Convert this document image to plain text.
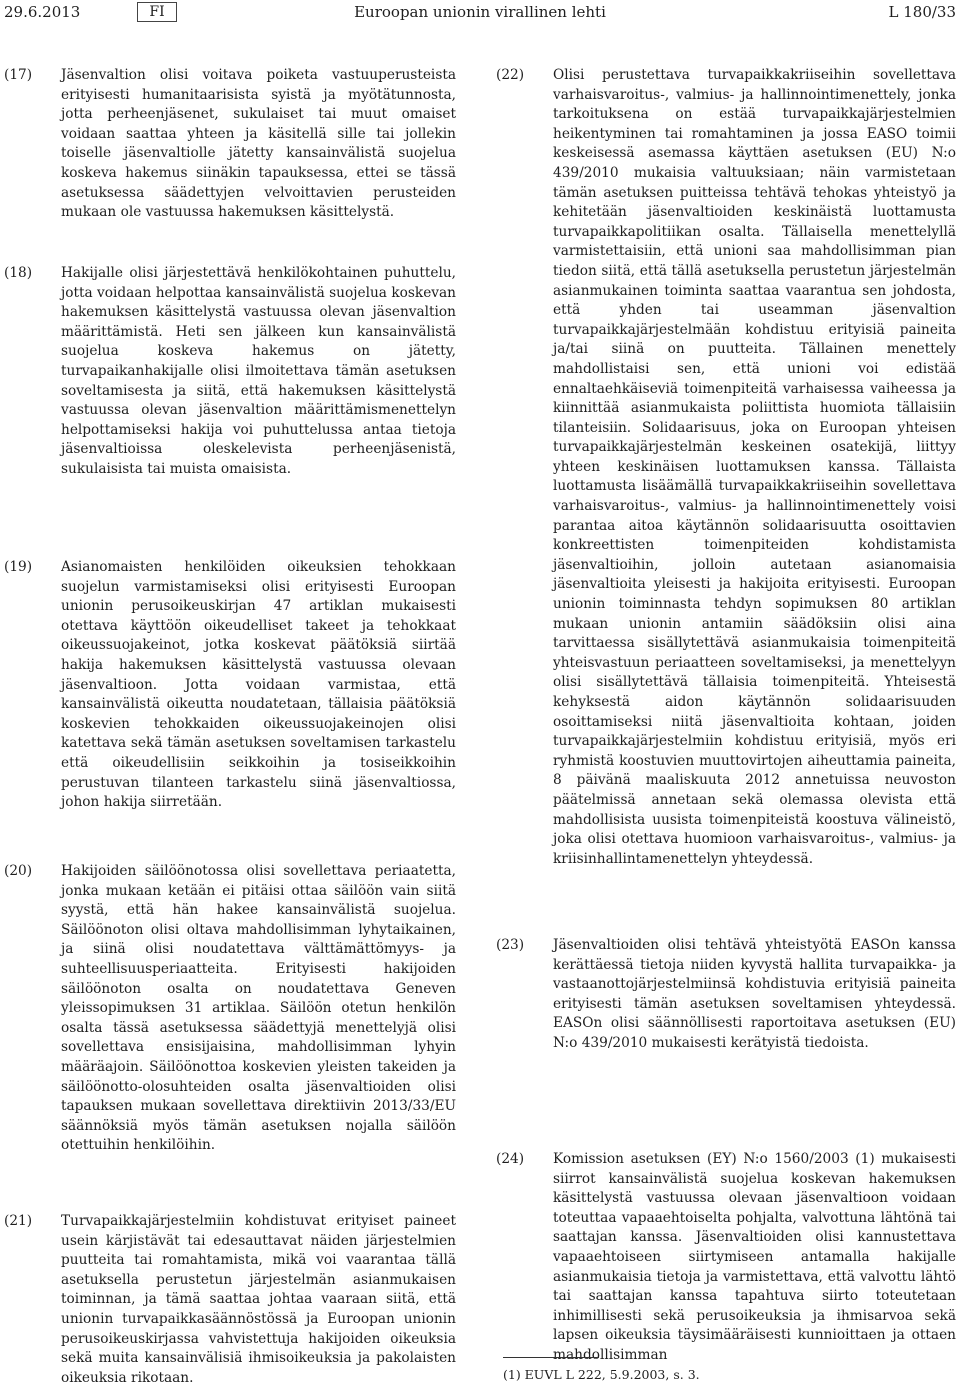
29.6.2013	FI	Euroopan unionin virallinen lehti	L 180/33
(17) Jäsenvaltion olisi voitava poiketa vastuuperusteista erityisesti humanitaarisista syistä ja myötätunnosta, jotta perheenjäsenet, sukulaiset tai muut omaiset voidaan saattaa yhteen ja käsitellä sille tai jollekin toiselle jäsenvaltiolle jätetty kansainvälistä suojelua koskeva hakemus siinäkin tapauksessa, ettei se tässä asetuksessa säädettyjen velvoittavien perusteiden mukaan ole vastuussa hakemuksen käsittelystä.
(18) Hakijalle olisi järjestettävä henkilökohtainen puhuttelu, jotta voidaan helpottaa kansainvälistä suojelua koskevan hakemuksen käsittelystä vastuussa olevan jäsenvaltion määrittämistä. Heti sen jälkeen kun kansainvälistä suojelua koskeva hakemus on jätetty, turvapaikanhakijalle olisi ilmoitettava tämän asetuksen soveltamisesta ja siitä, että hakemuksen käsittelystä vastuussa olevan jäsenvaltion määrittämismenettelyn helpottamiseksi hakija voi puhuttelussa antaa tietoja jäsenvaltioissa oleskelevista perheenjäsenistä, sukulaisista tai muista omaisista.
(19) Asianomaisten henkilöiden oikeuksien tehokkaan suojelun varmistamiseksi olisi erityisesti Euroopan unionin perusoikeuskirjan 47 artiklan mukaisesti otettava käyttöön oikeudelliset takeet ja tehokkaat oikeussuojakeinot, jotka koskevat päätöksiä siirtää hakija hakemuksen käsittelystä vastuussa olevaan jäsenvaltioon. Jotta voidaan varmistaa, että kansainvälistä oikeutta noudatetaan, tällaisia päätöksiä koskevien tehokkaiden oikeussuojakeinojen olisi katettava sekä tämän asetuksen soveltamisen tarkastelu että oikeudellisiin seikkoihin ja tosiseikkoihin perustuvan tilanteen tarkastelu siinä jäsenvaltiossa, johon hakija siirretään.
(20) Hakijoiden säilöönotossa olisi sovellettava periaatetta, jonka mukaan ketään ei pitäisi ottaa säilöön vain siitä syystä, että hän hakee kansainvälistä suojelua. Säilöönoton olisi oltava mahdollisimman lyhytaikainen, ja siinä olisi noudatettava välttämättömyys- ja suhteellisuusperiaatteita. Erityisesti hakijoiden säilöönoton osalta on noudatettava Geneven yleissopimuksen 31 artiklaa. Säilöön otetun henkilön osalta tässä asetuksessa säädettyjä menettelyjä olisi sovellettava ensisijaisina, mahdollisimman lyhyin määräajoin. Säilöönottoa koskevien yleisten takeiden ja säilöönotto-olosuhteiden osalta jäsenvaltioiden olisi tapauksen mukaan sovellettava direktiivin 2013/33/EU säännöksiä myös tämän asetuksen nojalla säilöön otettuihin henkilöihin.
(21) Turvapaikkajärjestelmiin kohdistuvat erityiset paineet usein kärjistävät tai edesauttavat näiden järjestelmien puutteita tai romahtamista, mikä voi vaarantaa tällä asetuksella perustetun järjestelmän asianmukaisen toiminnan, ja tämä saattaa johtaa vaaraan siitä, että unionin turvapaikkasäännöstössä ja Euroopan unionin perusoikeuskirjassa vahvistettuja hakijoiden oikeuksia sekä muita kansainvälisiä ihmisoikeuksia ja pakolaisten oikeuksia rikotaan.
(22) Olisi perustettava turvapaikkakriiseihin sovellettava varhaisvaroitus-, valmius- ja hallinnointimenettely, jonka tarkoituksena on estää turvapaikkajärjestelmien heikentyminen tai romahtaminen ja jossa EASO toimii keskeisessä asemassa käyttäen asetuksen (EU) N:o 439/2010 mukaisia valtuuksiaan; näin varmistetaan tämän asetuksen puitteissa tehtävä tehokas yhteistyö ja kehitetään jäsenvaltioiden keskinäistä luottamusta turvapaikkapolitiikan osalta. Tällaisella menettelyllä varmistettaisiin, että unioni saa mahdollisimman pian tiedon siitä, että tällä asetuksella perustetun järjestelmän asianmukainen toiminta saattaa vaarantua sen johdosta, että yhden tai useamman jäsenvaltion turvapaikkajärjestelmään kohdistuu erityisiä paineita ja/tai siinä on puutteita. Tällainen menettely mahdollistaisi sen, että unioni voi edistää ennaltaehkäiseviä toimenpiteitä varhaisessa vaiheessa ja kiinnittää asianmukaista poliittista huomiota tällaisiin tilanteisiin. Solidaarisuus, joka on Euroopan yhteisen turvapaikkajärjestelmän keskeinen osatekijä, liittyy yhteen keskinäisen luottamuksen kanssa. Tällaista luottamusta lisäämällä turvapaikkakriiseihin sovellettava varhaisvaroitus-, valmius- ja hallinnointimenettely voisi parantaa aitoa käytännön solidaarisuutta osoittavien konkreettisten toimenpiteiden kohdistamista jäsenvaltioihin, jolloin autetaan asianomaisia jäsenvaltioita yleisesti ja hakijoita erityisesti. Euroopan unionin toiminnasta tehdyn sopimuksen 80 artiklan mukaan unionin antamiin säädöksiin olisi aina tarvittaessa sisällytettävä asianmukaisia toimenpiteitä yhteisvastuun periaatteen soveltamiseksi, ja menettelyyn olisi sisällytettävä tällaisia toimenpiteitä. Yhteisestä kehyksestä aidon käytännön solidaarisuuden osoittamiseksi niitä jäsenvaltioita kohtaan, joiden turvapaikkajärjestelmiin kohdistuu erityisiä, myös eri ryhmistä koostuvien muuttovirtojen aiheuttamia paineita, 8 päivänä maaliskuuta 2012 annetuissa neuvoston päätelmissä annetaan sekä olemassa olevista että mahdollisista uusista toimenpiteistä koostuva välineistö, joka olisi otettava huomioon varhaisvaroitus-, valmius- ja kriisinhallintamenettelyn yhteydessä.
(23) Jäsenvaltioiden olisi tehtävä yhteistyötä EASOn kanssa kerättäessä tietoja niiden kyvystä hallita turvapaikka- ja vastaanottojärjestelmiinsä kohdistuvia erityisiä paineita erityisesti tämän asetuksen soveltamisen yhteydessä. EASOn olisi säännöllisesti raportoitava asetuksen (EU) N:o 439/2010 mukaisesti kerätyistä tiedoista.
(24) Komission asetuksen (EY) N:o 1560/2003 (1) mukaisesti siirrot kansainvälistä suojelua koskevan hakemuksen käsittelystä vastuussa olevaan jäsenvaltioon voidaan toteuttaa vapaaehtoiselta pohjalta, valvottuna lähtönä tai saattajan kanssa. Jäsenvaltioiden olisi kannustettava vapaaehtoiseen siirtymiseen antamalla hakijalle asianmukaisia tietoja ja varmistettava, että valvottu lähtö tai saattajan kanssa tapahtuva siirto toteutetaan inhimillisesti sekä perusoikeuksia ja ihmisarvoa sekä lapsen oikeuksia täysimääräisesti kunnioittaen ja ottaen mahdollisimman
(1) EUVL L 222, 5.9.2003, s. 3.
